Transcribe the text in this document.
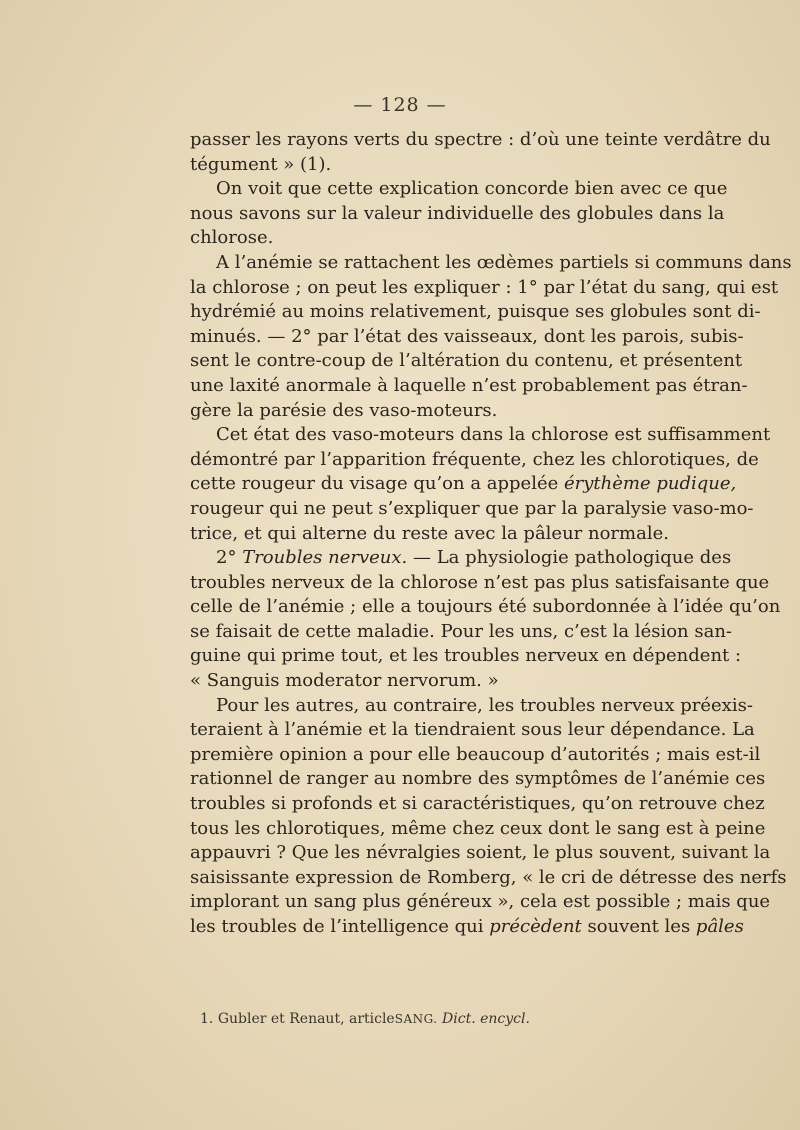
— 128 —
passer les rayons verts du spectre : d’où une teinte verdâtre du
tégument » (1).
On voit que cette explication concorde bien avec ce que
nous savons sur la valeur individuelle des globules dans la
chlorose.
A l’anémie se rattachent les œdèmes partiels si communs dans
la chlorose ; on peut les expliquer : 1° par l’état du sang, qui est
hydrémié au moins relativement, puisque ses globules sont di-
minués. — 2° par l’état des vaisseaux, dont les parois, subis-
sent le contre-coup de l’altération du contenu, et présentent
une laxité anormale à laquelle n’est probablement pas étran-
gère la parésie des vaso-moteurs.
Cet état des vaso-moteurs dans la chlorose est suffisamment
démontré par l’apparition fréquente, chez les chlorotiques, de
cette rougeur du visage qu’on a appelée érythème pudique,
rougeur qui ne peut s’expliquer que par la paralysie vaso-mo-
trice, et qui alterne du reste avec la pâleur normale.
2° Troubles nerveux. — La physiologie pathologique des
troubles nerveux de la chlorose n’est pas plus satisfaisante que
celle de l’anémie ; elle a toujours été subordonnée à l’idée qu’on
se faisait de cette maladie. Pour les uns, c’est la lésion san-
guine qui prime tout, et les troubles nerveux en dépendent :
« Sanguis moderator nervorum. »
Pour les autres, au contraire, les troubles nerveux préexis-
teraient à l’anémie et la tiendraient sous leur dépendance. La
première opinion a pour elle beaucoup d’autorités ; mais est-il
rationnel de ranger au nombre des symptômes de l’anémie ces
troubles si profonds et si caractéristiques, qu’on retrouve chez
tous les chlorotiques, même chez ceux dont le sang est à peine
appauvri ? Que les névralgies soient, le plus souvent, suivant la
saisissante expression de Romberg, « le cri de détresse des nerfs
implorant un sang plus généreux », cela est possible ; mais que
les troubles de l’intelligence qui précèdent souvent les pâles
1. Gubler et Renaut, articleSANG. Dict. encycl.
